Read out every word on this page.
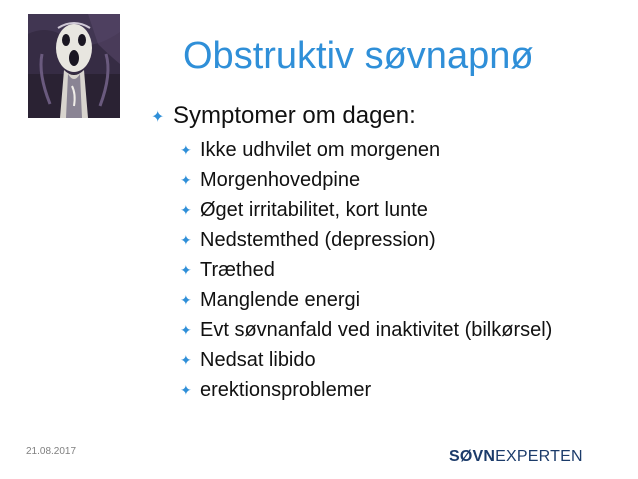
Obstruktiv søvnapnø
✦ Symptomer om dagen:
✦ Ikke udhvilet om morgenen
✦ Morgenhovedpine
✦ Øget irritabilitet, kort lunte
✦ Nedstemthed (depression)
✦ Træthed
✦ Manglende energi
✦ Evt søvnanfald ved inaktivitet (bilkørsel)
✦ Nedsat libido
✦ erektionsproblemer
21.08.2017	SØVNEXPERTEN
